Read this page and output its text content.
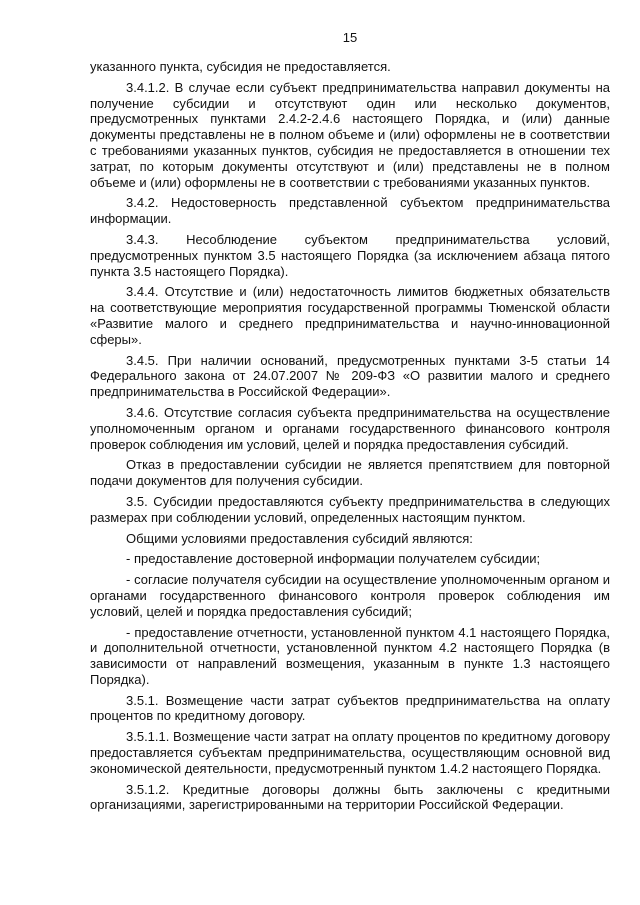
15

указанного пункта, субсидия не предоставляется.

3.4.1.2. В случае если субъект предпринимательства направил документы на получение субсидии и отсутствуют один или несколько документов, предусмотренных пунктами 2.4.2-2.4.6 настоящего Порядка, и (или) данные документы представлены не в полном объеме и (или) оформлены не в соответствии с требованиями указанных пунктов, субсидия не предоставляется в отношении тех затрат, по которым документы отсутствуют и (или) представлены не в полном объеме и (или) оформлены не в соответствии с требованиями указанных пунктов.

3.4.2. Недостоверность представленной субъектом предпринимательства информации.

3.4.3. Несоблюдение субъектом предпринимательства условий, предусмотренных пунктом 3.5 настоящего Порядка (за исключением абзаца пятого пункта 3.5 настоящего Порядка).

3.4.4. Отсутствие и (или) недостаточность лимитов бюджетных обязательств на соответствующие мероприятия государственной программы Тюменской области «Развитие малого и среднего предпринимательства и научно-инновационной сферы».

3.4.5. При наличии оснований, предусмотренных пунктами 3-5 статьи 14 Федерального закона от 24.07.2007 № 209-ФЗ «О развитии малого и среднего предпринимательства в Российской Федерации».

3.4.6. Отсутствие согласия субъекта предпринимательства на осуществление уполномоченным органом и органами государственного финансового контроля проверок соблюдения им условий, целей и порядка предоставления субсидий.

Отказ в предоставлении субсидии не является препятствием для повторной подачи документов для получения субсидии.

3.5. Субсидии предоставляются субъекту предпринимательства в следующих размерах при соблюдении условий, определенных настоящим пунктом.

Общими условиями предоставления субсидий являются:

- предоставление достоверной информации получателем субсидии;

- согласие получателя субсидии на осуществление уполномоченным органом и органами государственного финансового контроля проверок соблюдения им условий, целей и порядка предоставления субсидий;

- предоставление отчетности, установленной пунктом 4.1 настоящего Порядка, и дополнительной отчетности, установленной пунктом 4.2 настоящего Порядка (в зависимости от направлений возмещения, указанным в пункте 1.3 настоящего Порядка).

3.5.1. Возмещение части затрат субъектов предпринимательства на оплату процентов по кредитному договору.

3.5.1.1. Возмещение части затрат на оплату процентов по кредитному договору предоставляется субъектам предпринимательства, осуществляющим основной вид экономической деятельности, предусмотренный пунктом 1.4.2 настоящего Порядка.

3.5.1.2. Кредитные договоры должны быть заключены с кредитными организациями, зарегистрированными на территории Российской Федерации.
